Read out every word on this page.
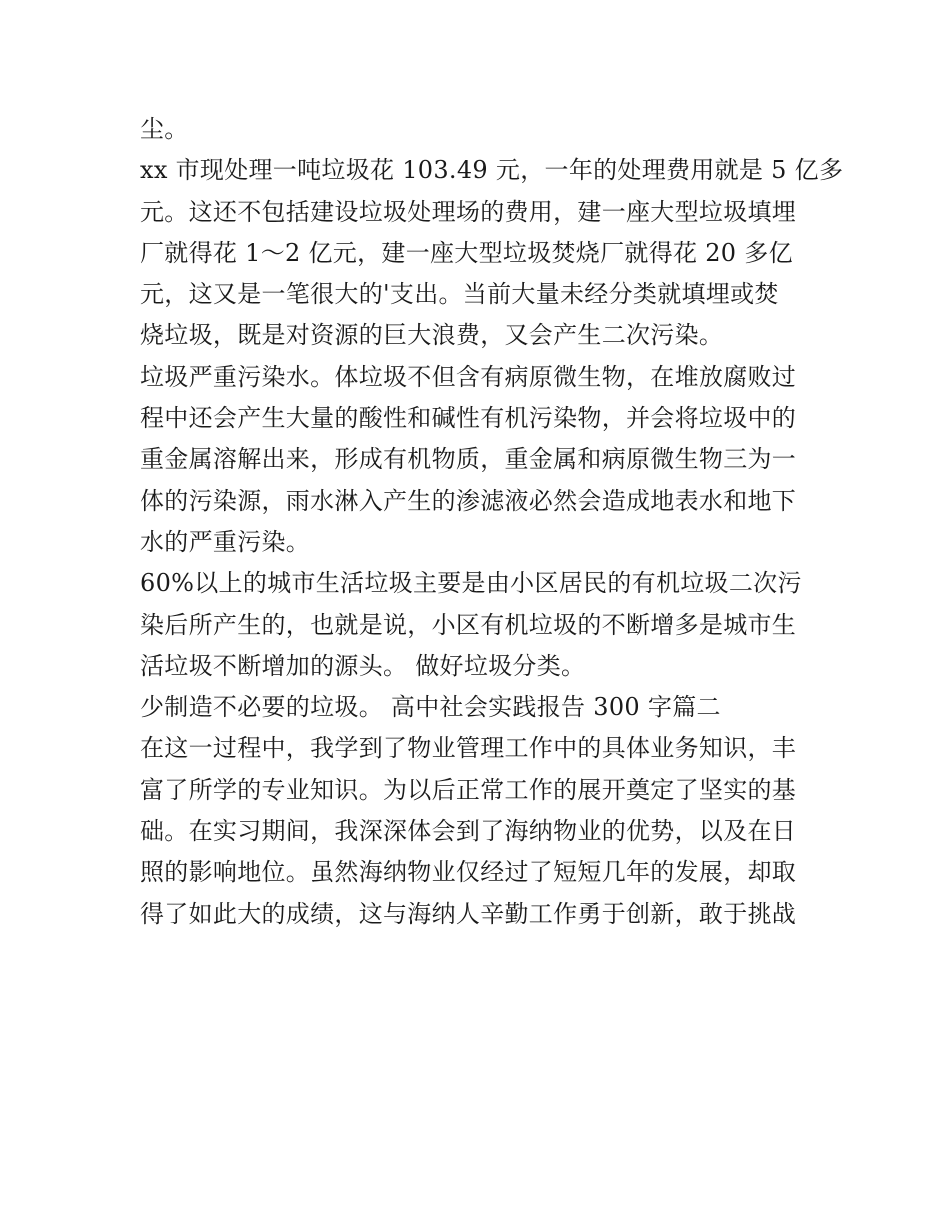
尘。

xx 市现处理一吨垃圾花 103.49 元，一年的处理费用就是 5 亿多

元。这还不包括建设垃圾处理场的费用，建一座大型垃圾填埋

厂就得花 1～2 亿元，建一座大型垃圾焚烧厂就得花 20 多亿

元，这又是一笔很大的'支出。当前大量未经分类就填埋或焚

烧垃圾，既是对资源的巨大浪费，又会产生二次污染。

垃圾严重污染水。体垃圾不但含有病原微生物，在堆放腐败过

程中还会产生大量的酸性和碱性有机污染物，并会将垃圾中的

重金属溶解出来，形成有机物质，重金属和病原微生物三为一

体的污染源，雨水淋入产生的渗滤液必然会造成地表水和地下

水的严重污染。

60%以上的城市生活垃圾主要是由小区居民的有机垃圾二次污

染后所产生的，也就是说，小区有机垃圾的不断增多是城市生

活垃圾不断增加的源头。 做好垃圾分类。

少制造不必要的垃圾。 高中社会实践报告 300 字篇二

在这一过程中，我学到了物业管理工作中的具体业务知识，丰

富了所学的专业知识。为以后正常工作的展开奠定了坚实的基

础。在实习期间，我深深体会到了海纳物业的优势，以及在日

照的影响地位。虽然海纳物业仅经过了短短几年的发展，却取

得了如此大的成绩，这与海纳人辛勤工作勇于创新，敢于挑战
